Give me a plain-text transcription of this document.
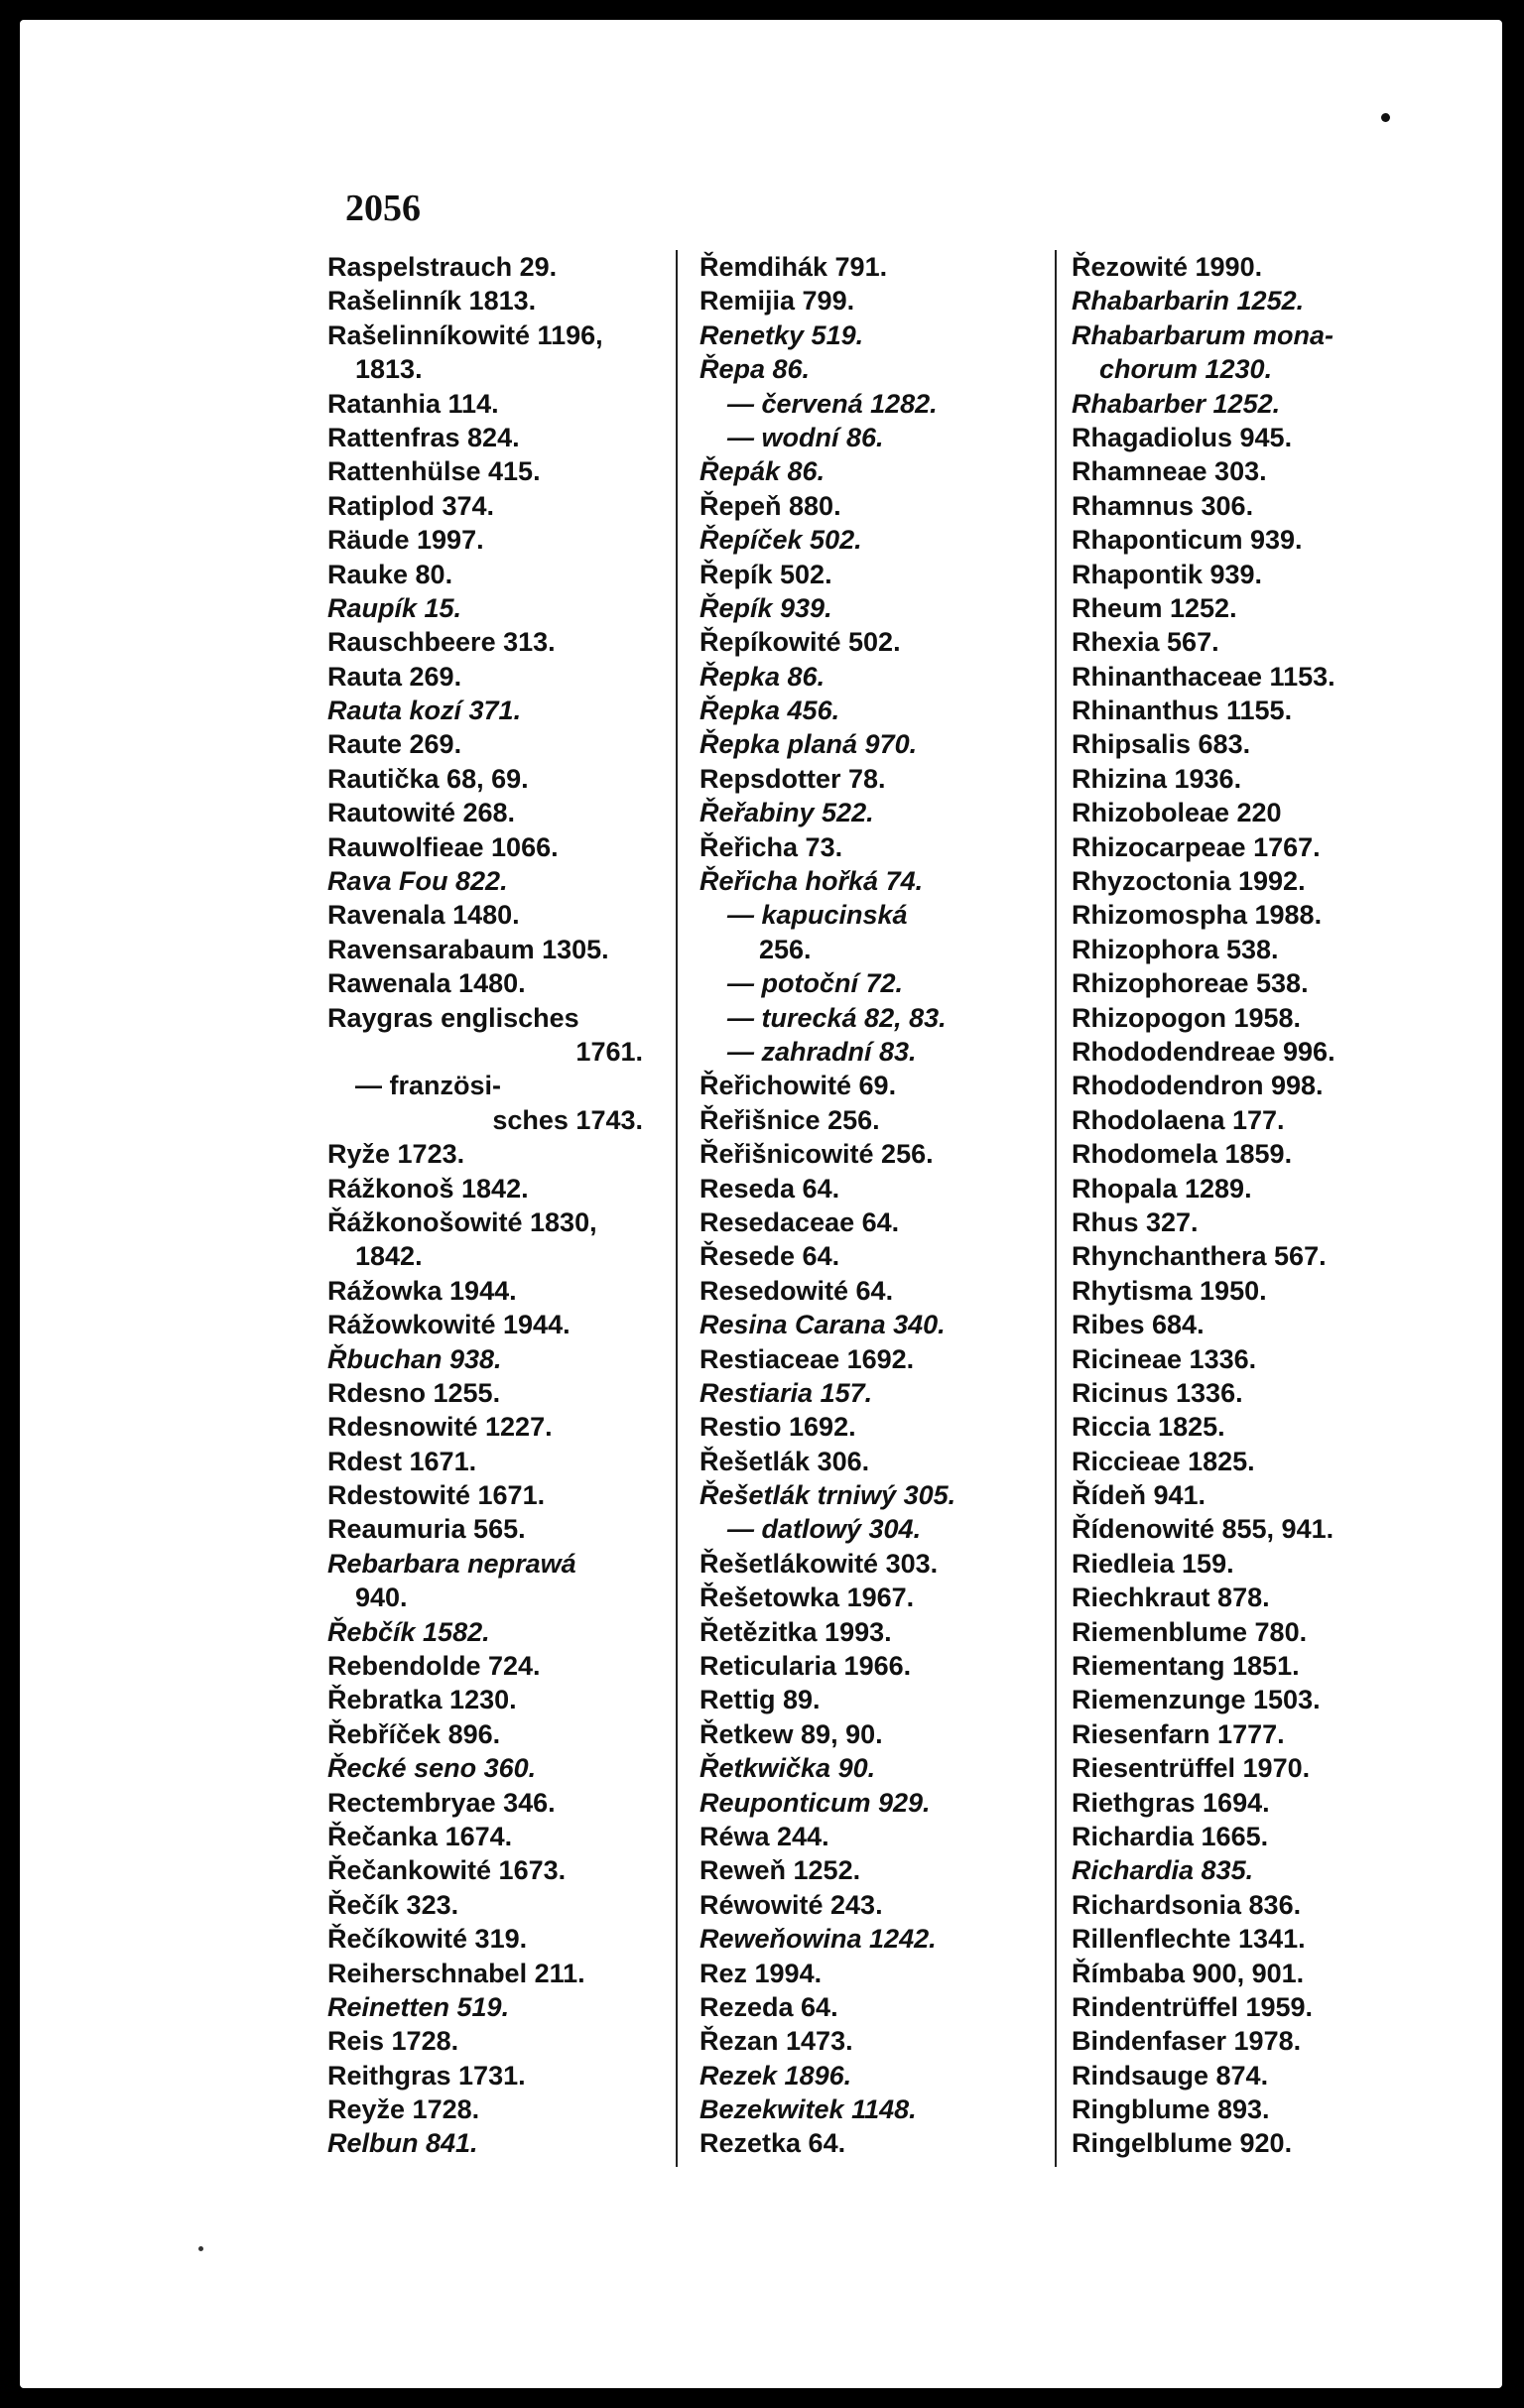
2056

Raspelstrauch 29.
Rašelinník 1813.
Rašelinníkowité 1196,
1813.
Ratanhia 114.
Rattenfras 824.
Rattenhülse 415.
Ratiplod 374.
Räude 1997.
Rauke 80.
Raupík 15.
Rauschbeere 313.
Rauta 269.
Rauta kozí 371.
Raute 269.
Rautička 68, 69.
Rautowité 268.
Rauwolfieae 1066.
Rava Fou 822.
Ravenala 1480.
Ravensarabaum 1305.
Rawenala 1480.
Raygras englisches
1761.
— französi-
sches 1743.
Ryže 1723.
Rážkonoš 1842.
Řážkonošowité 1830,
1842.
Rážowka 1944.
Rážowkowité 1944.
Řbuchan 938.
Rdesno 1255.
Rdesnowité 1227.
Rdest 1671.
Rdestowité 1671.
Reaumuria 565.
Rebarbara neprawá
940.
Řebčík 1582.
Rebendolde 724.
Řebratka 1230.
Řebříček 896.
Řecké seno 360.
Rectembryae 346.
Řečanka 1674.
Řečankowité 1673.
Řečík 323.
Řečíkowité 319.
Reiherschnabel 211.
Reinetten 519.
Reis 1728.
Reithgras 1731.
Reyže 1728.
Relbun 841.
Řemdihák 791.
Remijia 799.
Renetky 519.
Řepa 86.
— červená 1282.
— wodní 86.
Řepák 86.
Řepeň 880.
Řepíček 502.
Řepík 502.
Řepík 939.
Řepíkowité 502.
Řepka 86.
Řepka 456.
Řepka planá 970.
Repsdotter 78.
Řeřabiny 522.
Řeřicha 73.
Řeřicha hořká 74.
— kapucinská
256.
— potoční 72.
— turecká 82, 83.
— zahradní 83.
Řeřichowité 69.
Řeřišnice 256.
Řeřišnicowité 256.
Reseda 64.
Resedaceae 64.
Řesede 64.
Resedowité 64.
Resina Carana 340.
Restiaceae 1692.
Restiaria 157.
Restio 1692.
Řešetlák 306.
Řešetlák trniwý 305.
— datlowý 304.
Řešetlákowité 303.
Řešetowka 1967.
Řetězitka 1993.
Reticularia 1966.
Rettig 89.
Řetkew 89, 90.
Řetkwička 90.
Reuponticum 929.
Réwa 244.
Reweň 1252.
Réwowité 243.
Reweňowina 1242.
Rez 1994.
Rezeda 64.
Řezan 1473.
Rezek 1896.
Bezekwitek 1148.
Rezetka 64.
Řezowité 1990.
Rhabarbarin 1252.
Rhabarbarum mona-
chorum 1230.
Rhabarber 1252.
Rhagadiolus 945.
Rhamneae 303.
Rhamnus 306.
Rhaponticum 939.
Rhapontik 939.
Rheum 1252.
Rhexia 567.
Rhinanthaceae 1153.
Rhinanthus 1155.
Rhipsalis 683.
Rhizina 1936.
Rhizoboleae 220
Rhizocarpeae 1767.
Rhyzoctonia 1992.
Rhizomospha 1988.
Rhizophora 538.
Rhizophoreae 538.
Rhizopogon 1958.
Rhododendreae 996.
Rhododendron 998.
Rhodolaena 177.
Rhodomela 1859.
Rhopala 1289.
Rhus 327.
Rhynchanthera 567.
Rhytisma 1950.
Ribes 684.
Ricineae 1336.
Ricinus 1336.
Riccia 1825.
Riccieae 1825.
Řídeň 941.
Řídenowité 855, 941.
Riedleia 159.
Riechkraut 878.
Riemenblume 780.
Riementang 1851.
Riemenzunge 1503.
Riesenfarn 1777.
Riesentrüffel 1970.
Riethgras 1694.
Richardia 1665.
Richardia 835.
Richardsonia 836.
Rillenflechte 1341.
Římbaba 900, 901.
Rindentrüffel 1959.
Bindenfaser 1978.
Rindsauge 874.
Ringblume 893.
Ringelblume 920.
